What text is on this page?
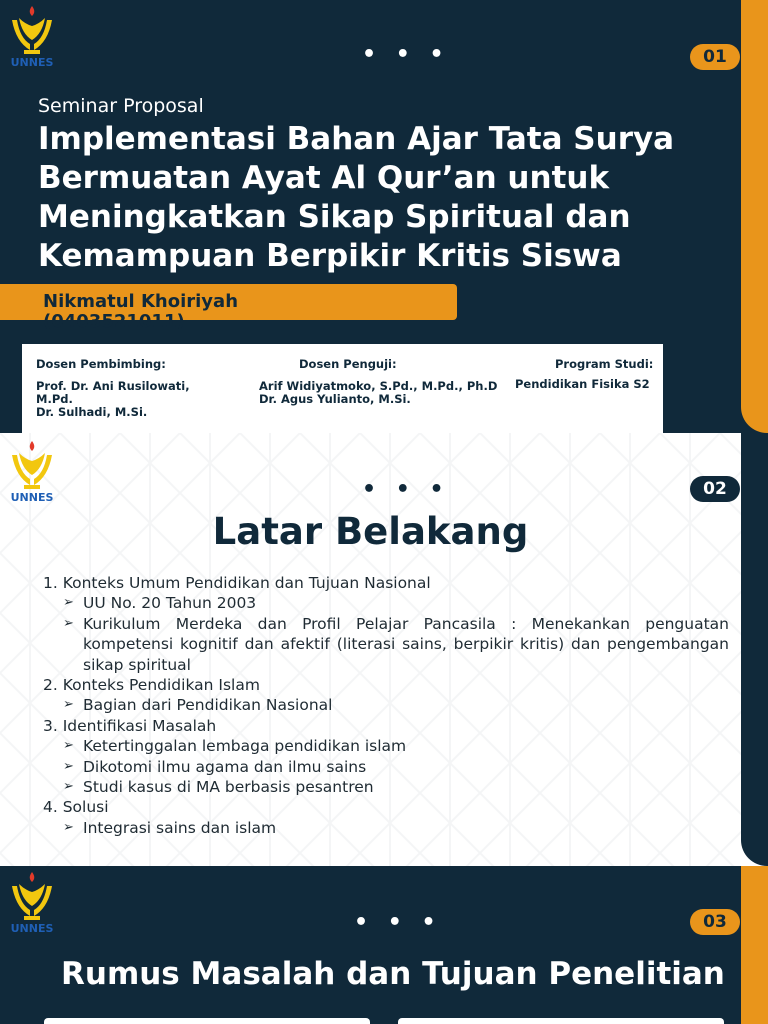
UNNES	• • •	01
Seminar Proposal
Implementasi Bahan Ajar Tata Surya Bermuatan Ayat Al Qur’an untuk Meningkatkan Sikap Spiritual dan Kemampuan Berpikir Kritis Siswa
Nikmatul Khoiriyah
(0403521011)
Dosen Pembimbing:
Prof. Dr. Ani Rusilowati, M.Pd.
Dr. Sulhadi, M.Si.
Dosen Penguji:
Arif Widiyatmoko, S.Pd., M.Pd., Ph.D
Dr. Agus Yulianto, M.Si.
Program Studi:
Pendidikan Fisika S2
UNNES	• • •	02
Latar Belakang

1. Konteks Umum Pendidikan dan Tujuan Nasional

➢ UU No. 20 Tahun 2003

➢ Kurikulum Merdeka dan Profil Pelajar Pancasila : Menekankan penguatan kompetensi kognitif dan afektif (literasi sains, berpikir kritis) dan pengembangan sikap spiritual

2. Konteks Pendidikan Islam

➢ Bagian dari Pendidikan Nasional

3. Identifikasi Masalah

➢ Ketertinggalan lembaga pendidikan islam

➢ Dikotomi ilmu agama dan ilmu sains

➢ Studi kasus di MA berbasis pesantren

4. Solusi

➢ Integrasi sains dan islam

UNNES	• • •	03
Rumus Masalah dan Tujuan Penelitian
